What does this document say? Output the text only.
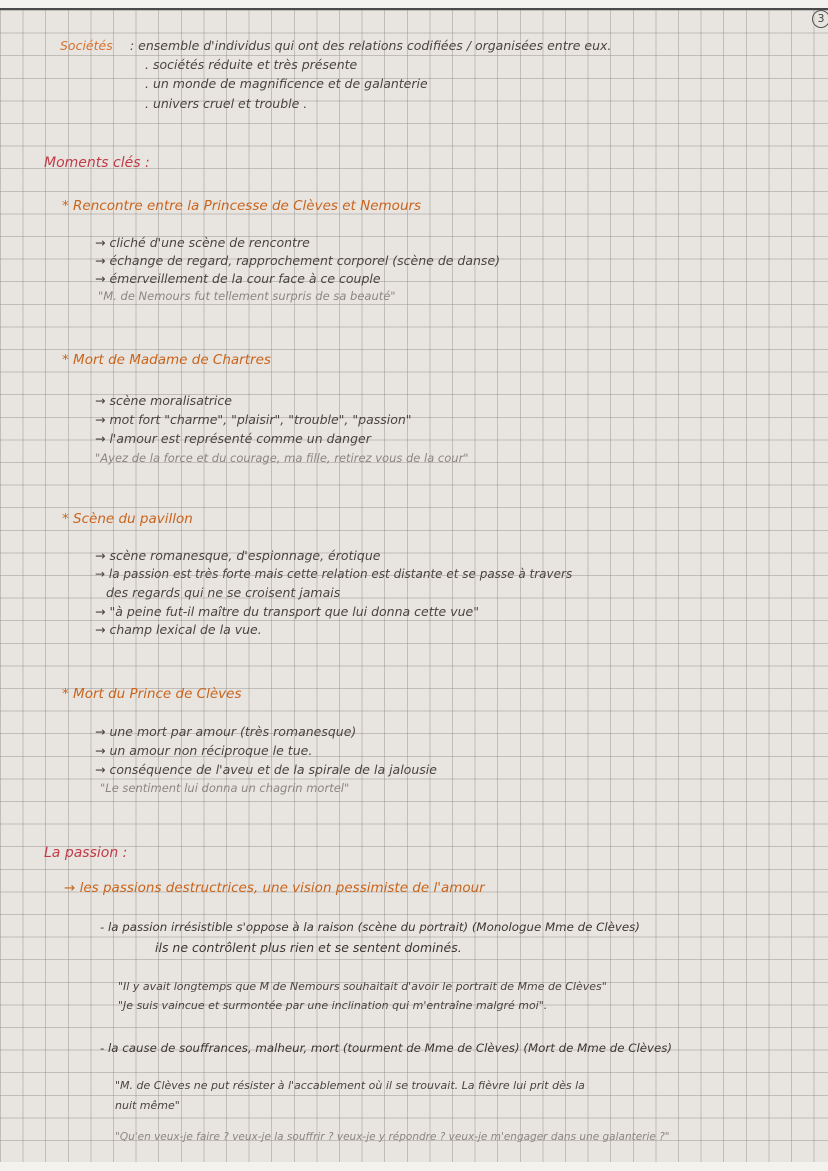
3
Sociétés : ensemble d'individus qui ont des relations codifiées / organisées entre eux.
. sociétés réduite et très présente
. un monde de magnificence et de galanterie
. univers cruel et trouble .
Moments clés :
* Rencontre entre la Princesse de Clèves et Nemours
→ cliché d'une scène de rencontre
→ échange de regard, rapprochement corporel (scène de danse)
→ émerveillement de la cour face à ce couple
"M. de Nemours fut tellement surpris de sa beauté"
* Mort de Madame de Chartres
→ scène moralisatrice
→ mot fort "charme", "plaisir", "trouble", "passion"
→ l'amour est représenté comme un danger
"Ayez de la force et du courage, ma fille, retirez vous de la cour"
* Scène du pavillon
→ scène romanesque, d'espionnage, érotique
→ la passion est très forte mais cette relation est distante et se passe à travers
des regards qui ne se croisent jamais
→ "à peine fut-il maître du transport que lui donna cette vue"
→ champ lexical de la vue.
* Mort du Prince de Clèves
→ une mort par amour (très romanesque)
→ un amour non réciproque le tue.
→ conséquence de l'aveu et de la spirale de la jalousie
"Le sentiment lui donna un chagrin mortel"
La passion :
→ les passions destructrices, une vision pessimiste de l'amour
- la passion irrésistible s'oppose à la raison (scène du portrait) (Monologue Mme de Clèves)
ils ne contrôlent plus rien et se sentent dominés.
"Il y avait longtemps que M de Nemours souhaitait d'avoir le portrait de Mme de Clèves"
"Je suis vaincue et surmontée par une inclination qui m'entraîne malgré moi".
- la cause de souffrances, malheur, mort (tourment de Mme de Clèves) (Mort de Mme de Clèves)
"M. de Clèves ne put résister à l'accablement où il se trouvait. La fièvre lui prit dès la
nuit même"
"Qu'en veux-je faire ? veux-je la souffrir ? veux-je y répondre ? veux-je m'engager dans une galanterie ?"
